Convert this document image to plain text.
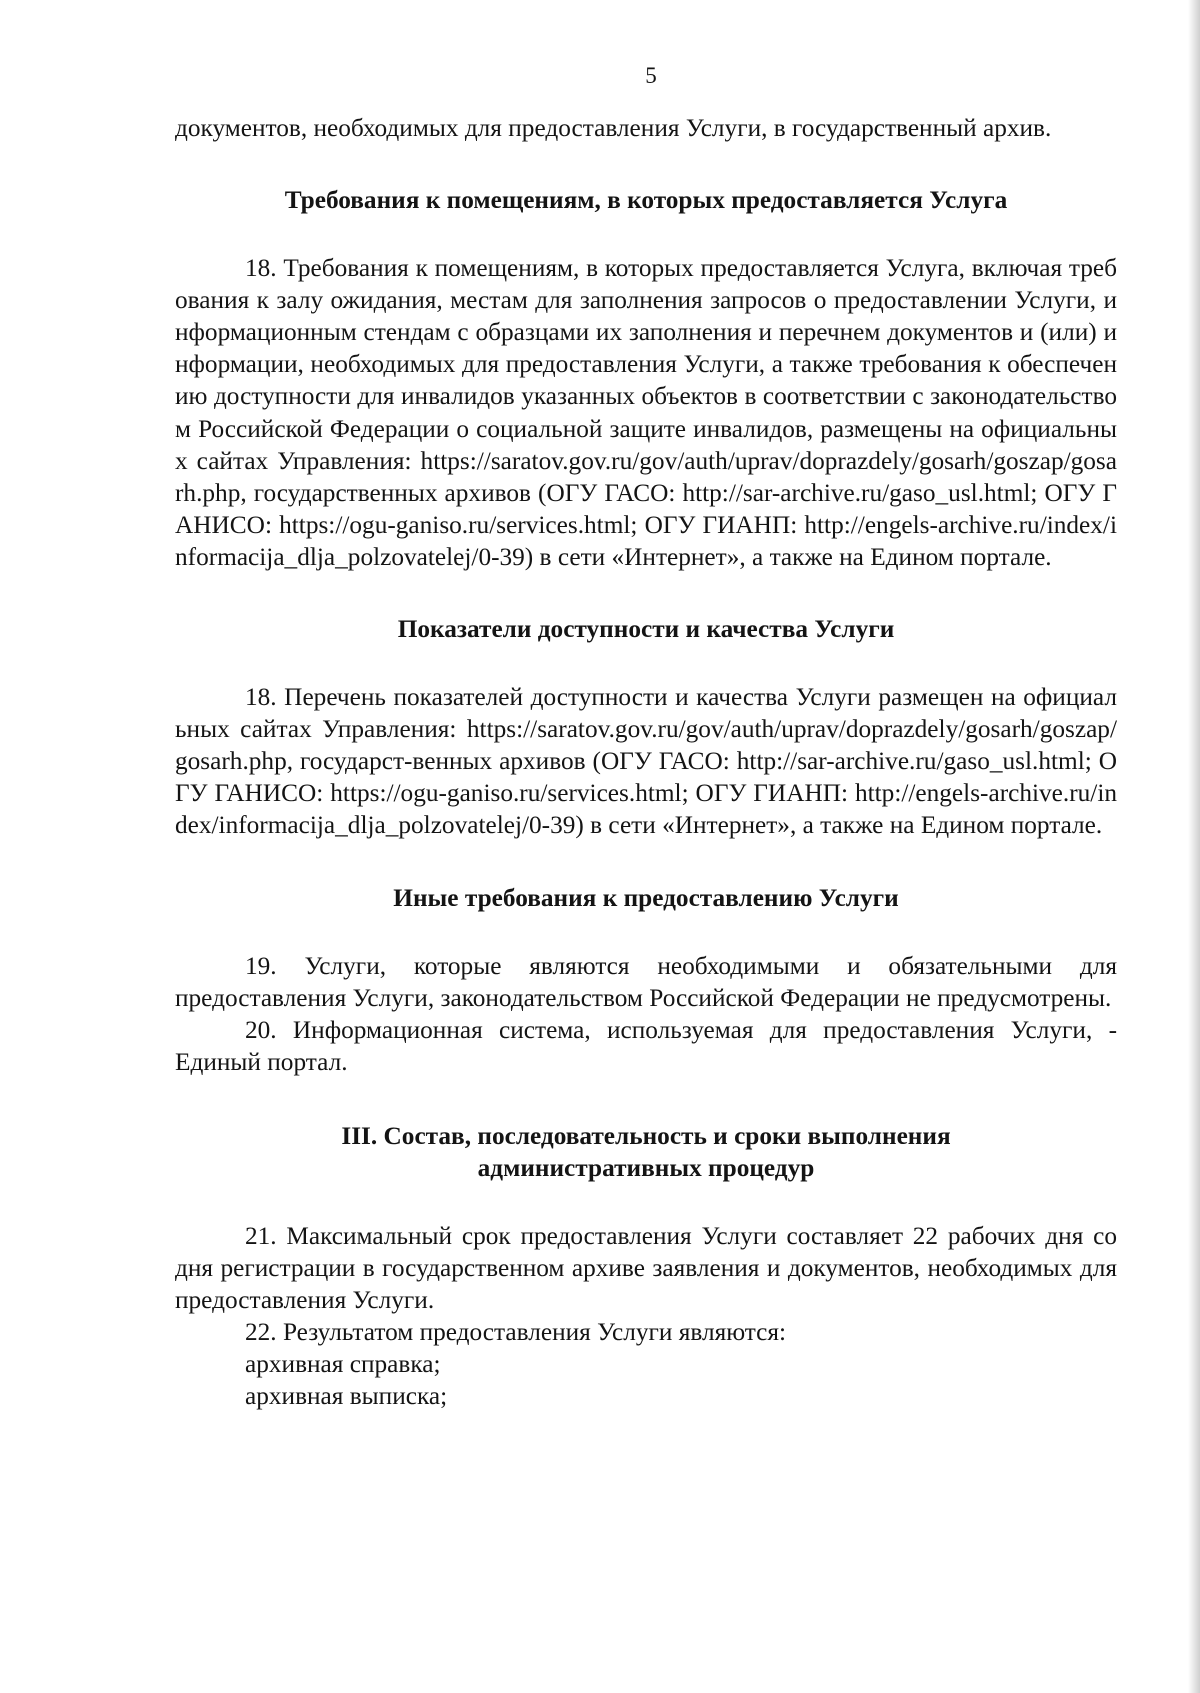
5

документов, необходимых для предоставления Услуги, в государственный архив.

Требования к помещениям, в которых предоставляется Услуга

18. Требования к помещениям, в которых предоставляется Услуга, включая требования к залу ожидания, местам для заполнения запросов о предоставлении Услуги, информационным стендам с образцами их заполнения и перечнем документов и (или) информации, необходимых для предоставления Услуги, а также требования к обеспечению доступности для инвалидов указанных объектов в соответствии с законодательством Российской Федерации о социальной защите инвалидов, размещены на официальных сайтах Управления: https://saratov.gov.ru/gov/auth/uprav/doprazdely/gosarh/goszap/gosarh.php, государственных архивов (ОГУ ГАСО: http://sar-archive.ru/gaso_usl.html; ОГУ ГАНИСО: https://ogu-ganiso.ru/services.html; ОГУ ГИАНП: http://engels-archive.ru/index/informacija_dlja_polzovatelej/0-39) в сети «Интернет», а также на Едином портале.

Показатели доступности и качества Услуги

18. Перечень показателей доступности и качества Услуги размещен на официальных сайтах Управления: https://saratov.gov.ru/gov/auth/uprav/doprazdely/gosarh/goszap/gosarh.php, государст-венных архивов (ОГУ ГАСО: http://sar-archive.ru/gaso_usl.html; ОГУ ГАНИСО: https://ogu-ganiso.ru/services.html; ОГУ ГИАНП: http://engels-archive.ru/index/informacija_dlja_polzovatelej/0-39) в сети «Интернет», а также на Едином портале.

Иные требования к предоставлению Услуги

19. Услуги, которые являются необходимыми и обязательными для предоставления Услуги, законодательством Российской Федерации не предусмотрены.

20. Информационная система, используемая для предоставления Услуги, - Единый портал.

III. Состав, последовательность и сроки выполнения
административных процедур

21. Максимальный срок предоставления Услуги составляет 22 рабочих дня со дня регистрации в государственном архиве заявления и документов, необходимых для предоставления Услуги.

22. Результатом предоставления Услуги являются:

архивная справка;

архивная выписка;
